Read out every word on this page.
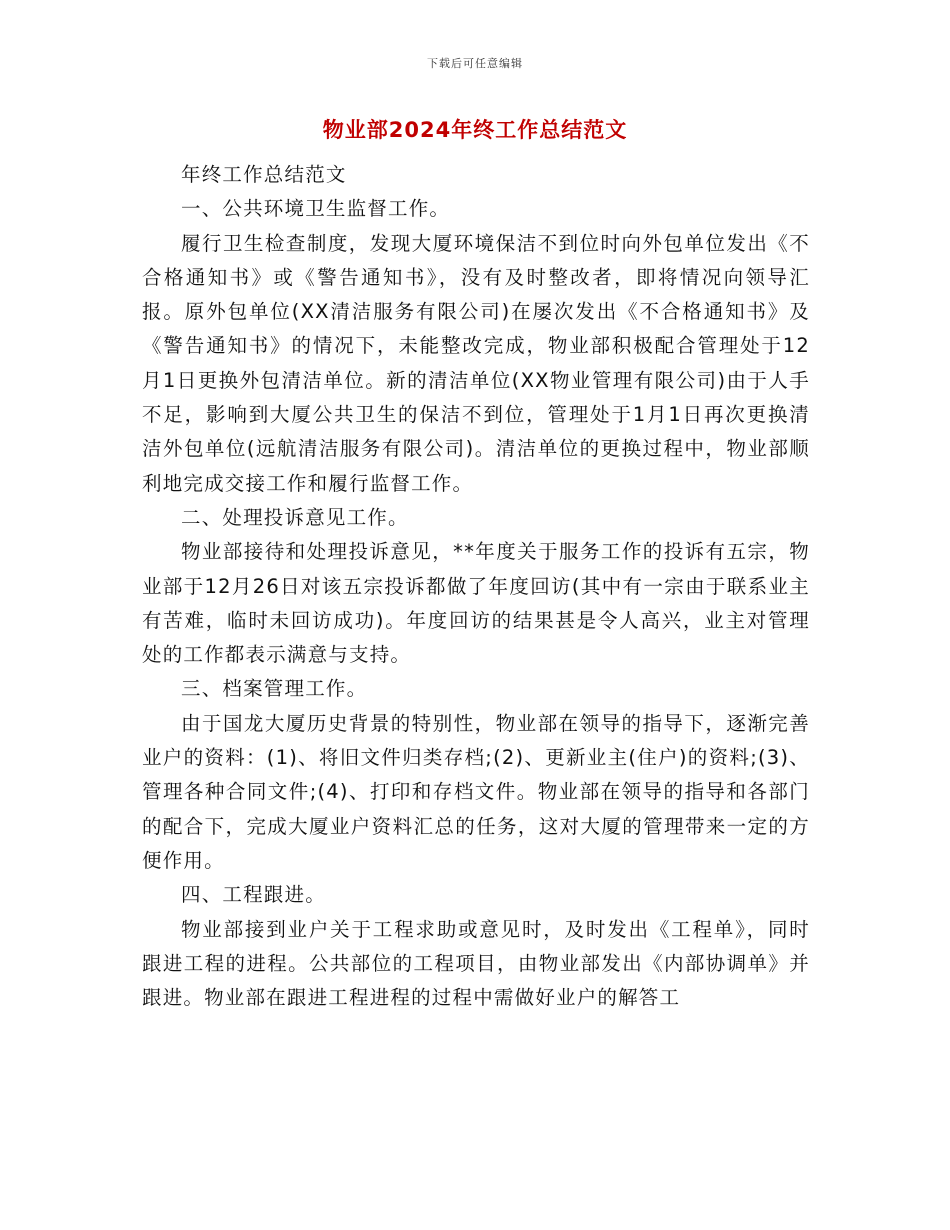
下载后可任意编辑
物业部2024年终工作总结范文

年终工作总结范文

一、公共环境卫生监督工作。

履行卫生检查制度，发现大厦环境保洁不到位时向外包单位发出《不合格通知书》或《警告通知书》，没有及时整改者，即将情况向领导汇报。原外包单位(XX清洁服务有限公司)在屡次发出《不合格通知书》及《警告通知书》的情况下，未能整改完成，物业部积极配合管理处于12月1日更换外包清洁单位。新的清洁单位(XX物业管理有限公司)由于人手不足，影响到大厦公共卫生的保洁不到位，管理处于1月1日再次更换清洁外包单位(远航清洁服务有限公司)。清洁单位的更换过程中，物业部顺利地完成交接工作和履行监督工作。

二、处理投诉意见工作。

物业部接待和处理投诉意见，**年度关于服务工作的投诉有五宗，物业部于12月26日对该五宗投诉都做了年度回访(其中有一宗由于联系业主有苦难，临时未回访成功)。年度回访的结果甚是令人高兴，业主对管理处的工作都表示满意与支持。

三、档案管理工作。

由于国龙大厦历史背景的特别性，物业部在领导的指导下，逐渐完善业户的资料：(1)、将旧文件归类存档;(2)、更新业主(住户)的资料;(3)、管理各种合同文件;(4)、打印和存档文件。物业部在领导的指导和各部门的配合下，完成大厦业户资料汇总的任务，这对大厦的管理带来一定的方便作用。

四、工程跟进。

物业部接到业户关于工程求助或意见时，及时发出《工程单》，同时跟进工程的进程。公共部位的工程项目，由物业部发出《内部协调单》并跟进。物业部在跟进工程进程的过程中需做好业户的解答工
